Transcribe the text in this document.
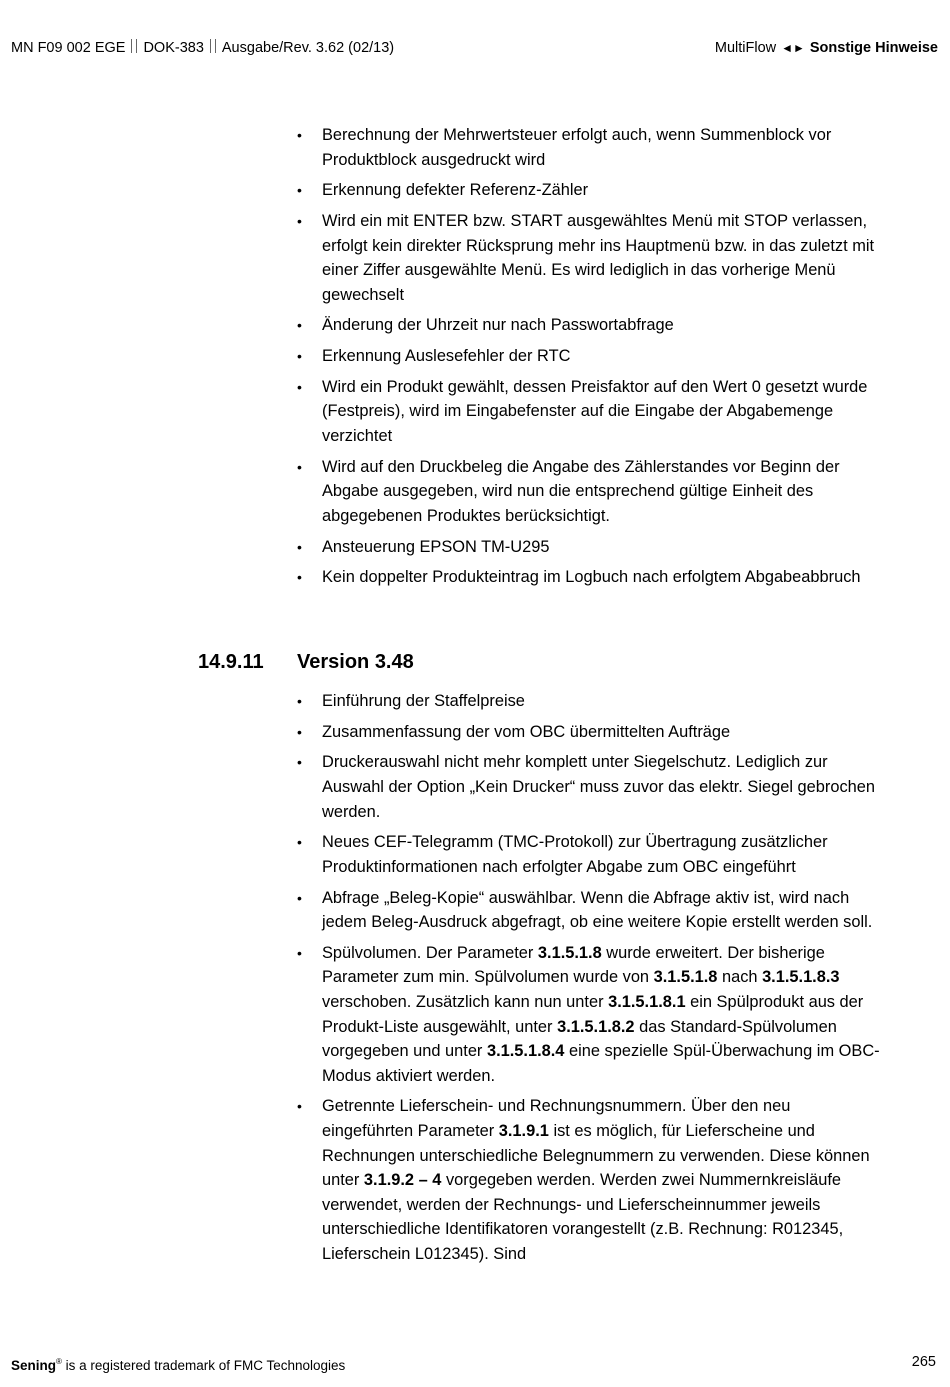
MN F09 002 EGE DOK-383 Ausgabe/Rev. 3.62 (02/13)	MultiFlow ◄► Sonstige Hinweise
• Berechnung der Mehrwertsteuer erfolgt auch, wenn Summenblock vor Produktblock ausgedruckt wird
• Erkennung defekter Referenz-Zähler
• Wird ein mit ENTER bzw. START ausgewähltes Menü mit STOP verlassen, erfolgt kein direkter Rücksprung mehr ins Hauptmenü bzw. in das zuletzt mit einer Ziffer ausgewählte Menü. Es wird lediglich in das vorherige Menü gewechselt
• Änderung der Uhrzeit nur nach Passwortabfrage
• Erkennung Auslesefehler der RTC
• Wird ein Produkt gewählt, dessen Preisfaktor auf den Wert 0 gesetzt wurde (Festpreis), wird im Eingabefenster auf die Eingabe der Abgabemenge verzichtet
• Wird auf den Druckbeleg die Angabe des Zählerstandes vor Beginn der Abgabe ausgegeben, wird nun die entsprechend gültige Einheit des abgegebenen Produktes berücksichtigt.
• Ansteuerung EPSON TM-U295
• Kein doppelter Produkteintrag im Logbuch nach erfolgtem Abgabeabbruch
14.9.11 Version 3.48
• Einführung der Staffelpreise
• Zusammenfassung der vom OBC übermittelten Aufträge
• Druckerauswahl nicht mehr komplett unter Siegelschutz. Lediglich zur Auswahl der Option „Kein Drucker“ muss zuvor das elektr. Siegel gebrochen werden.
• Neues CEF-Telegramm (TMC-Protokoll) zur Übertragung zusätzlicher Produktinformationen nach erfolgter Abgabe zum OBC eingeführt
• Abfrage „Beleg-Kopie“ auswählbar. Wenn die Abfrage aktiv ist, wird nach jedem Beleg-Ausdruck abgefragt, ob eine weitere Kopie erstellt werden soll.
• Spülvolumen. Der Parameter 3.1.5.1.8 wurde erweitert. Der bisherige Parameter zum min. Spülvolumen wurde von 3.1.5.1.8 nach 3.1.5.1.8.3 verschoben. Zusätzlich kann nun unter 3.1.5.1.8.1 ein Spülprodukt aus der Produkt-Liste ausgewählt, unter 3.1.5.1.8.2 das Standard-Spülvolumen vorgegeben und unter 3.1.5.1.8.4 eine spezielle Spül-Überwachung im OBC-Modus aktiviert werden.
• Getrennte Lieferschein- und Rechnungsnummern. Über den neu eingeführten Parameter 3.1.9.1 ist es möglich, für Lieferscheine und Rechnungen unterschiedliche Belegnummern zu verwenden. Diese können unter 3.1.9.2 – 4 vorgegeben werden. Werden zwei Nummernkreisläufe verwendet, werden der Rechnungs- und Lieferscheinnummer jeweils unterschiedliche Identifikatoren vorangestellt (z.B. Rechnung: R012345, Lieferschein L012345). Sind
Sening® is a registered trademark of FMC Technologies	265
